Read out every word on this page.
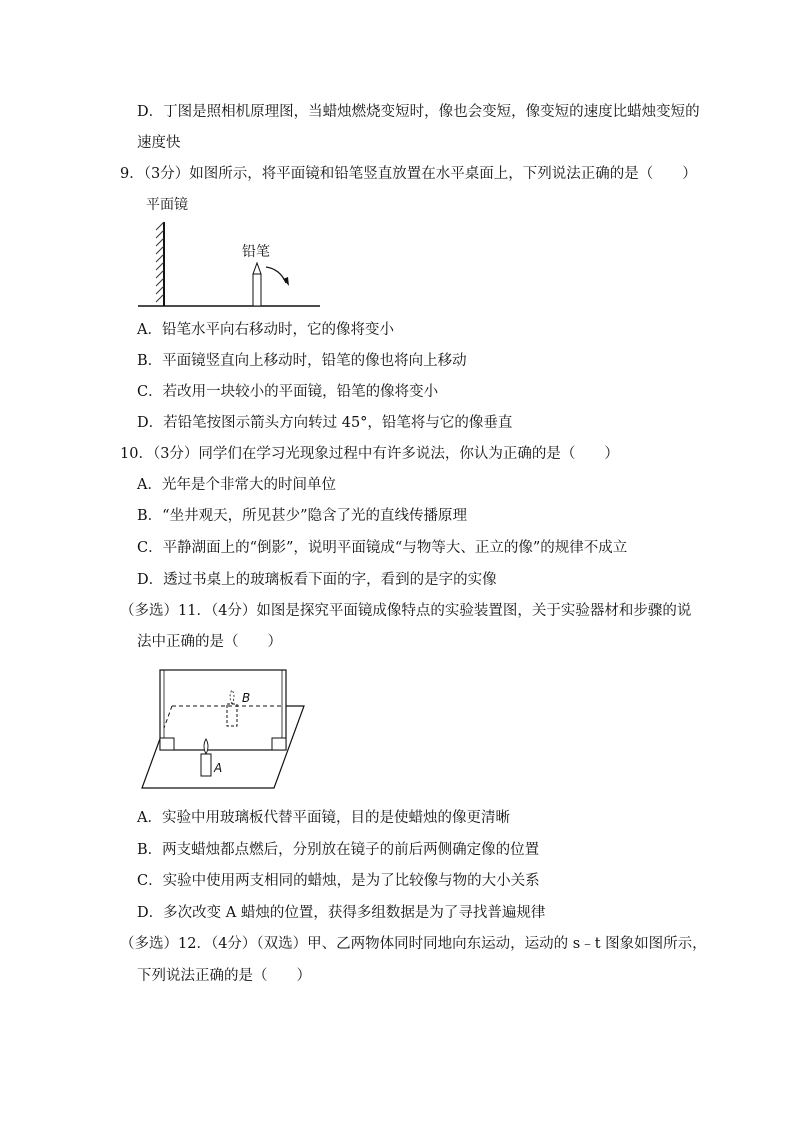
D．丁图是照相机原理图，当蜡烛燃烧变短时，像也会变短，像变短的速度比蜡烛变短的
速度快
9．（3分）如图所示，将平面镜和铅笔竖直放置在水平桌面上，下列说法正确的是（　　）
平面镜
铅笔
A．铅笔水平向右移动时，它的像将变小
B．平面镜竖直向上移动时，铅笔的像也将向上移动
C．若改用一块较小的平面镜，铅笔的像将变小
D．若铅笔按图示箭头方向转过 45°，铅笔将与它的像垂直
10．（3分）同学们在学习光现象过程中有许多说法，你认为正确的是（　　）
A．光年是个非常大的时间单位
B．“坐井观天，所见甚少”隐含了光的直线传播原理
C．平静湖面上的“倒影”，说明平面镜成“与物等大、正立的像”的规律不成立
D．透过书桌上的玻璃板看下面的字，看到的是字的实像
（多选）11．（4分）如图是探究平面镜成像特点的实验装置图，关于实验器材和步骤的说
法中正确的是（　　）
B
A
A．实验中用玻璃板代替平面镜，目的是使蜡烛的像更清晰
B．两支蜡烛都点燃后，分别放在镜子的前后两侧确定像的位置
C．实验中使用两支相同的蜡烛，是为了比较像与物的大小关系
D．多次改变 A 蜡烛的位置，获得多组数据是为了寻找普遍规律
（多选）12．（4分）（双选）甲、乙两物体同时同地向东运动，运动的 s﹣t 图象如图所示，
下列说法正确的是（　　）
